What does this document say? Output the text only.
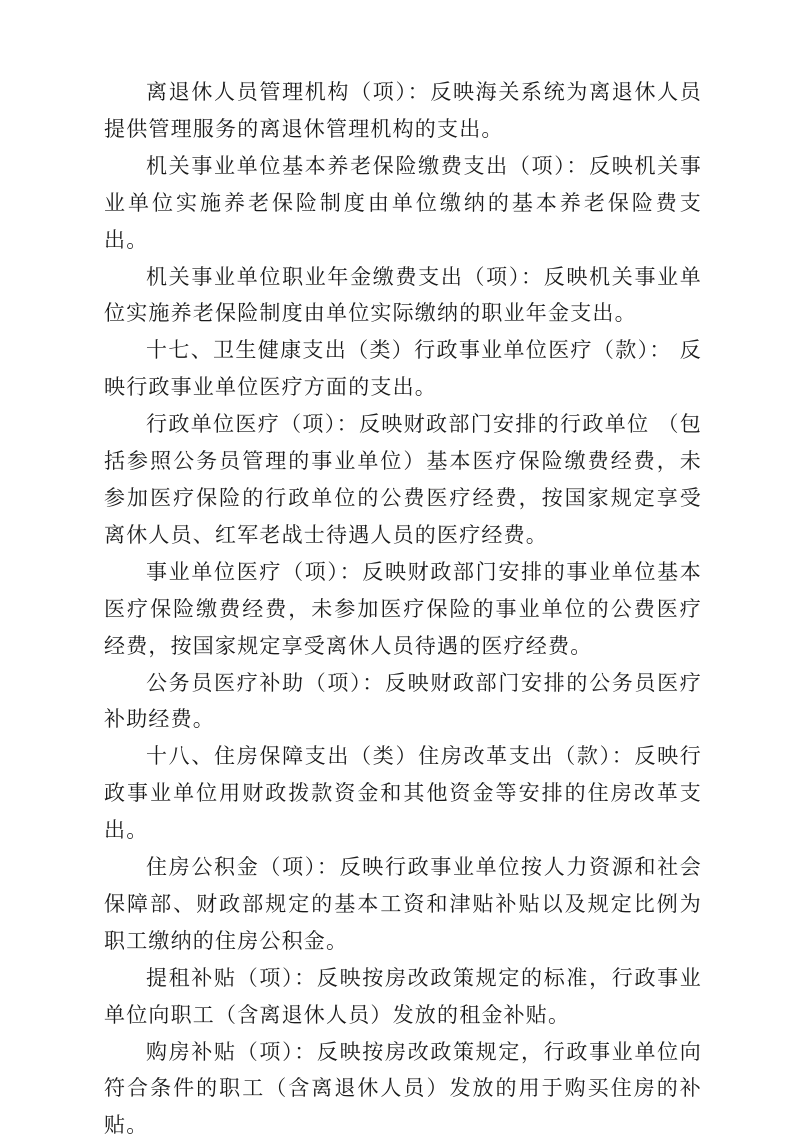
离退休人员管理机构（项）：反映海关系统为离退休人员提供管理服务的离退休管理机构的支出。

机关事业单位基本养老保险缴费支出（项）：反映机关事业单位实施养老保险制度由单位缴纳的基本养老保险费支出。

机关事业单位职业年金缴费支出（项）：反映机关事业单位实施养老保险制度由单位实际缴纳的职业年金支出。

十七、卫生健康支出（类）行政事业单位医疗（款）： 反映行政事业单位医疗方面的支出。

行政单位医疗（项）：反映财政部门安排的行政单位 （包括参照公务员管理的事业单位）基本医疗保险缴费经费，未参加医疗保险的行政单位的公费医疗经费，按国家规定享受离休人员、红军老战士待遇人员的医疗经费。

事业单位医疗（项）：反映财政部门安排的事业单位基本医疗保险缴费经费，未参加医疗保险的事业单位的公费医疗经费，按国家规定享受离休人员待遇的医疗经费。

公务员医疗补助（项）：反映财政部门安排的公务员医疗补助经费。

十八、住房保障支出（类）住房改革支出（款）：反映行政事业单位用财政拨款资金和其他资金等安排的住房改革支出。

住房公积金（项）：反映行政事业单位按人力资源和社会保障部、财政部规定的基本工资和津贴补贴以及规定比例为职工缴纳的住房公积金。

提租补贴（项）：反映按房改政策规定的标准，行政事业单位向职工（含离退休人员）发放的租金补贴。

购房补贴（项）：反映按房改政策规定，行政事业单位向符合条件的职工（含离退休人员）发放的用于购买住房的补贴。
